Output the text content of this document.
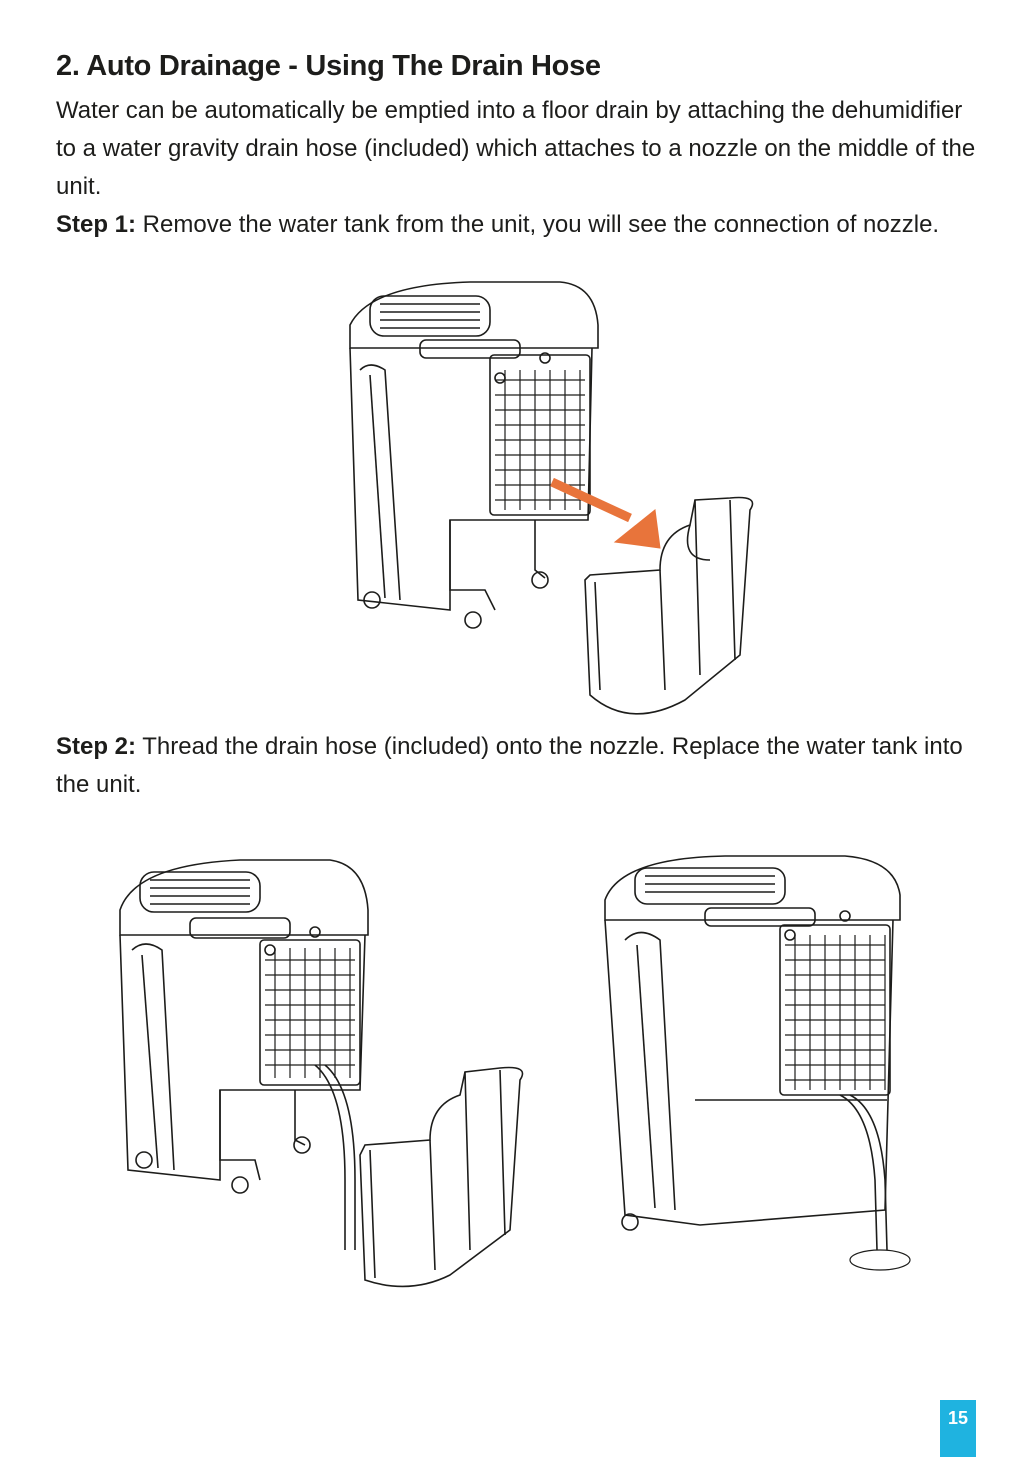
2. Auto Drainage - Using The Drain Hose

Water can be automatically be emptied into a floor drain by attaching the dehumidifier to a water gravity drain hose (included) which attaches to a nozzle on the middle of the unit.

Step 1: Remove the water tank from the unit, you will see the connection of nozzle.

Step 2: Thread the drain hose (included) onto the nozzle. Replace the water tank into the unit.

15
